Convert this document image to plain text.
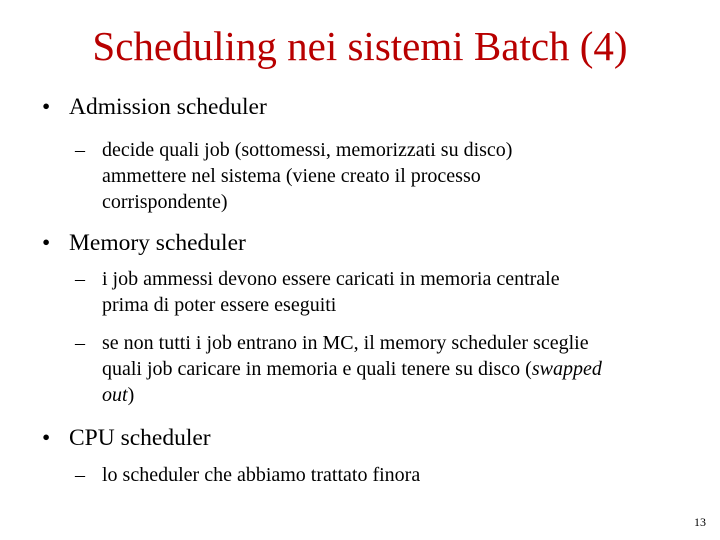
Scheduling nei sistemi Batch (4)
• Admission scheduler
– decide quali job (sottomessi, memorizzati su disco) ammettere nel sistema (viene creato il processo corrispondente)
• Memory scheduler
– i job ammessi devono essere caricati in memoria centrale prima di poter essere eseguiti
– se non tutti i job entrano in MC, il memory scheduler sceglie quali job caricare in memoria e quali tenere su disco (swapped out)
• CPU scheduler
– lo scheduler che abbiamo trattato finora
13
